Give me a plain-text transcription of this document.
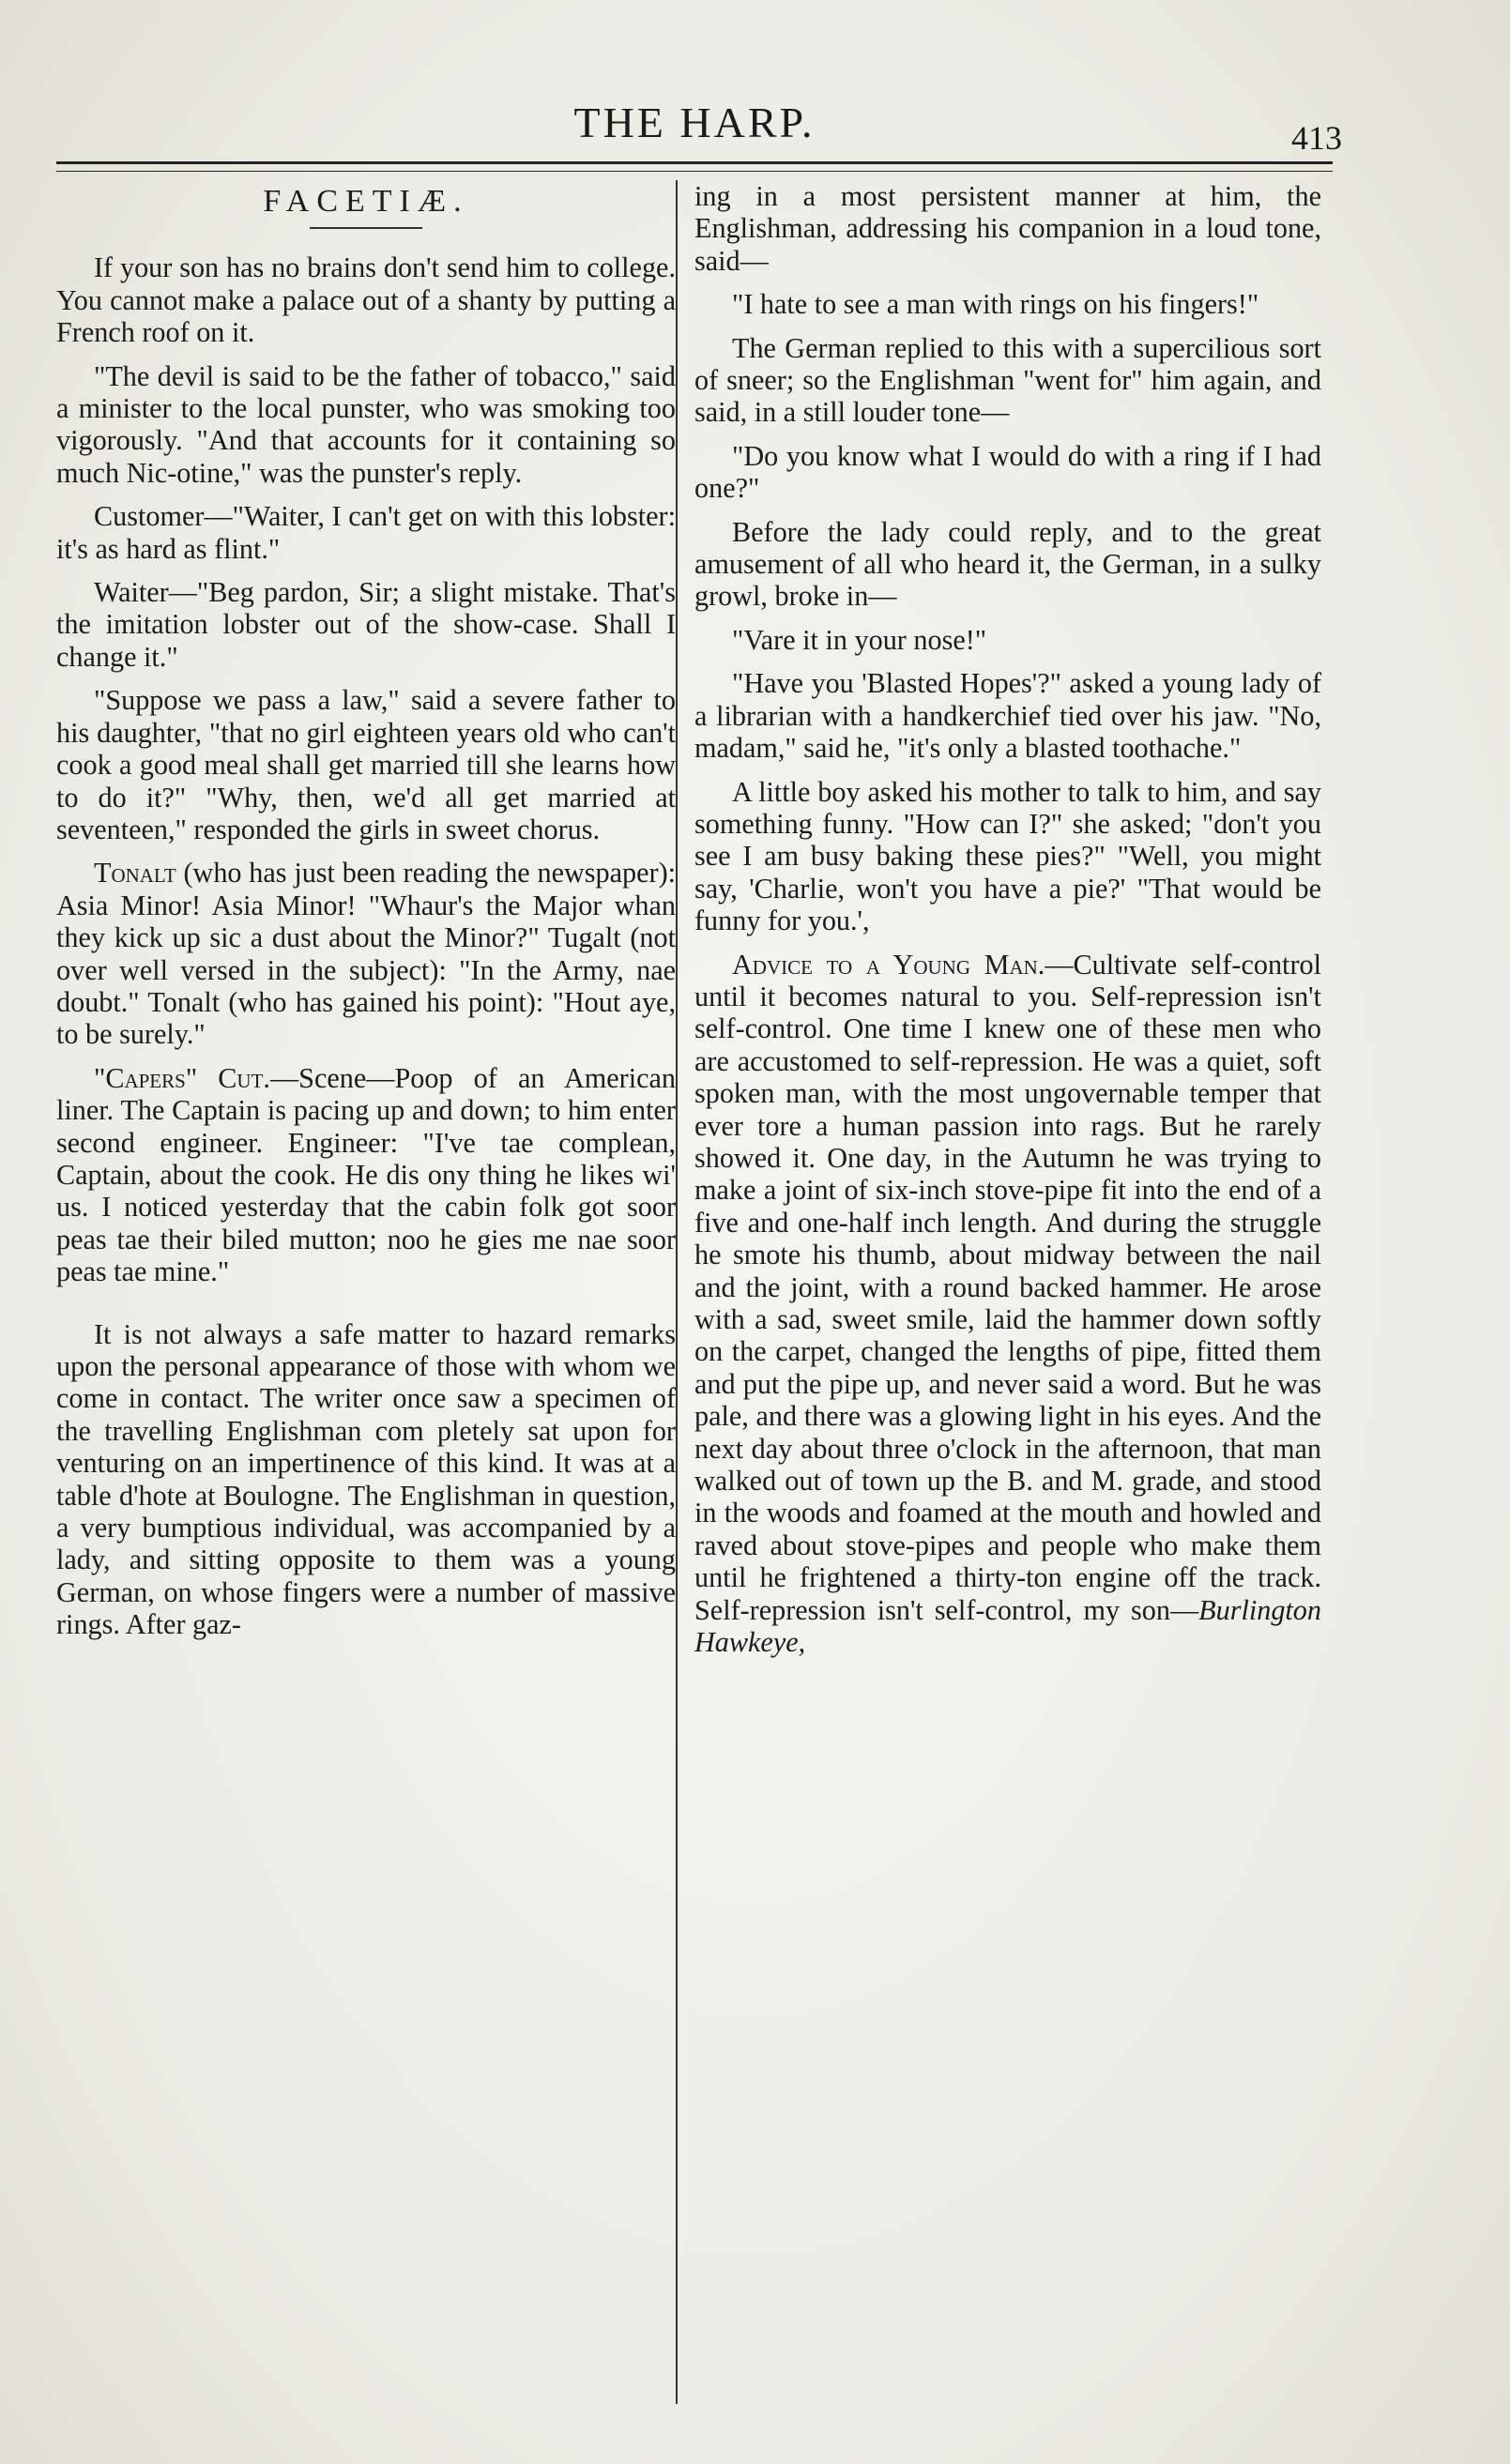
THE HARP.	413
FACETIÆ.

If your son has no brains don't send him to college. You cannot make a palace out of a shanty by putting a French roof on it.

"The devil is said to be the father of tobacco," said a minister to the local punster, who was smoking too vigorously. "And that accounts for it containing so much Nic-otine," was the punster's reply.

Customer—"Waiter, I can't get on with this lobster: it's as hard as flint."

Waiter—"Beg pardon, Sir; a slight mistake. That's the imitation lobster out of the show-case. Shall I change it."

"Suppose we pass a law," said a severe father to his daughter, "that no girl eighteen years old who can't cook a good meal shall get married till she learns how to do it?" "Why, then, we'd all get married at seventeen," responded the girls in sweet chorus.

Tonalt (who has just been reading the newspaper): Asia Minor! Asia Minor! "Whaur's the Major whan they kick up sic a dust about the Minor?" Tugalt (not over well versed in the subject): "In the Army, nae doubt." Tonalt (who has gained his point): "Hout aye, to be surely."

"Capers" Cut.—Scene—Poop of an American liner. The Captain is pacing up and down; to him enter second engineer. Engineer: "I've tae complean, Captain, about the cook. He dis ony thing he likes wi' us. I noticed yesterday that the cabin folk got soor peas tae their biled mutton; noo he gies me nae soor peas tae mine."

It is not always a safe matter to hazard remarks upon the personal appearance of those with whom we come in contact. The writer once saw a specimen of the travelling Englishman com pletely sat upon for venturing on an impertinence of this kind. It was at a table d'hote at Boulogne. The Englishman in question, a very bumptious individual, was accompanied by a lady, and sitting opposite to them was a young German, on whose fingers were a number of massive rings. After gaz-

ing in a most persistent manner at him, the Englishman, addressing his companion in a loud tone, said—

"I hate to see a man with rings on his fingers!"

The German replied to this with a supercilious sort of sneer; so the Englishman "went for" him again, and said, in a still louder tone—

"Do you know what I would do with a ring if I had one?"

Before the lady could reply, and to the great amusement of all who heard it, the German, in a sulky growl, broke in—

"Vare it in your nose!"

"Have you 'Blasted Hopes'?" asked a young lady of a librarian with a handkerchief tied over his jaw. "No, madam," said he, "it's only a blasted toothache."

A little boy asked his mother to talk to him, and say something funny. "How can I?" she asked; "don't you see I am busy baking these pies?" "Well, you might say, 'Charlie, won't you have a pie?' "That would be funny for you.',

Advice to a Young Man.—Cultivate self-control until it becomes natural to you. Self-repression isn't self-control. One time I knew one of these men who are accustomed to self-repression. He was a quiet, soft spoken man, with the most ungovernable temper that ever tore a human passion into rags. But he rarely showed it. One day, in the Autumn he was trying to make a joint of six-inch stove-pipe fit into the end of a five and one-half inch length. And during the struggle he smote his thumb, about midway between the nail and the joint, with a round backed hammer. He arose with a sad, sweet smile, laid the hammer down softly on the carpet, changed the lengths of pipe, fitted them and put the pipe up, and never said a word. But he was pale, and there was a glowing light in his eyes. And the next day about three o'clock in the afternoon, that man walked out of town up the B. and M. grade, and stood in the woods and foamed at the mouth and howled and raved about stove-pipes and people who make them until he frightened a thirty-ton engine off the track. Self-repression isn't self-control, my son—Burlington Hawkeye,
